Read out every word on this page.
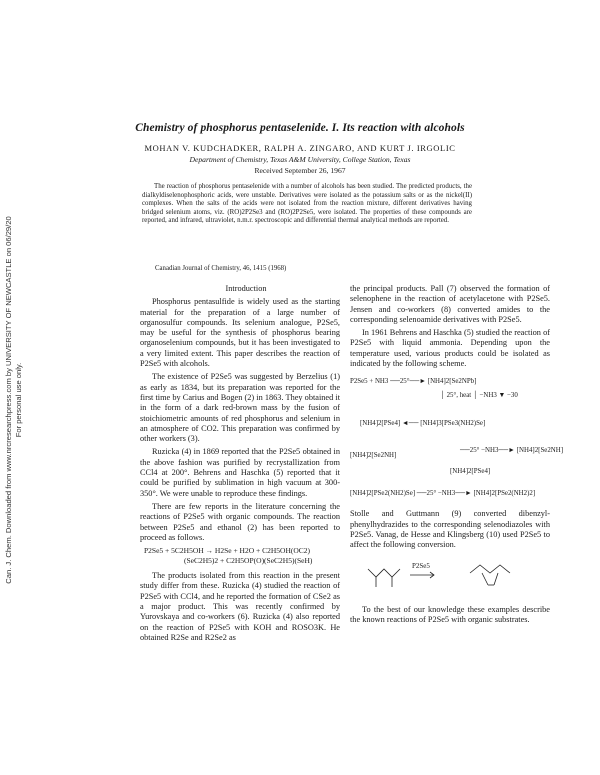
Can. J. Chem. Downloaded from www.nrcresearchpress.com by UNIVERSITY OF NEWCASTLE on 06/29/20 For personal use only.
Chemistry of phosphorus pentaselenide. I. Its reaction with alcohols
MOHAN V. KUDCHADKER, RALPH A. ZINGARO, AND KURT J. IRGOLIC
Department of Chemistry, Texas A&M University, College Station, Texas
Received September 26, 1967
The reaction of phosphorus pentaselenide with a number of alcohols has been studied. The predicted products, the dialkyldiselenophosphoric acids, were unstable. Derivatives were isolated as the potassium salts or as the nickel(II) complexes. When the salts of the acids were not isolated from the reaction mixture, different derivatives having bridged selenium atoms, viz. (RO)2P2Se3 and (RO)2P2Se5, were isolated. The properties of these compounds are reported, and infrared, ultraviolet, n.m.r. spectroscopic and differential thermal analytical methods are reported.
Canadian Journal of Chemistry, 46, 1415 (1968)

Introduction

Phosphorus pentasulfide is widely used as the starting material for the preparation of a large number of organosulfur compounds. Its selenium analogue, P2Se5, may be useful for the synthesis of phosphorus bearing organoselenium compounds, but it has been investigated to a very limited extent. This paper describes the reaction of P2Se5 with alcohols.

The existence of P2Se5 was suggested by Berzelius (1) as early as 1834, but its preparation was reported for the first time by Carius and Bogen (2) in 1863. They obtained it in the form of a dark red-brown mass by the fusion of stoichiometric amounts of red phosphorus and selenium in an atmosphere of CO2. This preparation was confirmed by other workers (3).

Ruzicka (4) in 1869 reported that the P2Se5 obtained in the above fashion was purified by recrystallization from CCl4 at 200°. Behrens and Haschka (5) reported that it could be purified by sublimation in high vacuum at 300-350°. We were unable to reproduce these findings.

There are few reports in the literature concerning the reactions of P2Se5 with organic compounds. The reaction between P2Se5 and ethanol (2) has been reported to proceed as follows.

P2Se5 + 5C2H5OH → H2Se + H2O + C2H5OH(OC2)
(SeC2H5)2 + C2H5OP(O)(SeC2H5)(SeH)

The products isolated from this reaction in the present study differ from these. Ruzicka (4) studied the reaction of P2Se5 with CCl4, and he reported the formation of CSe2 as a major product. This was recently confirmed by Yurovskaya and co-workers (6). Ruzicka (4) also reported on the reaction of P2Se5 with KOH and ROSO3K. He obtained R2Se and R2Se2 as

the principal products. Pall (7) observed the formation of selenophene in the reaction of acetylacetone with P2Se5. Jensen and co-workers (8) converted amides to the corresponding selenoamide derivatives with P2Se5.

In 1961 Behrens and Haschka (5) studied the reaction of P2Se5 with liquid ammonia. Depending upon the temperature used, various products could be isolated as indicated by the following scheme.

P2Se5 + NH3 ──25°──► [NH4]2[Se2NPb]
│ 25°, heat │ −NH3 ▼ −30
[NH4]2[PSe4] ◄── [NH4]3[PSe3(NH2)Se]
[NH4]2[Se2NH]
──25° −NH3──► [NH4]2[Se2NH]
[NH4]2[PSe4]
[NH4]2[PSe2(NH2)Se] ──25° −NH3──► [NH4]2[PSe2(NH2)2]

Stolle and Guttmann (9) converted dibenzyl-phenylhydrazides to the corresponding selenodiazoles with P2Se5. Vanag, de Hesse and Klingsberg (10) used P2Se5 to affect the following conversion.

P2Se5

To the best of our knowledge these examples describe the known reactions of P2Se5 with organic substrates.
